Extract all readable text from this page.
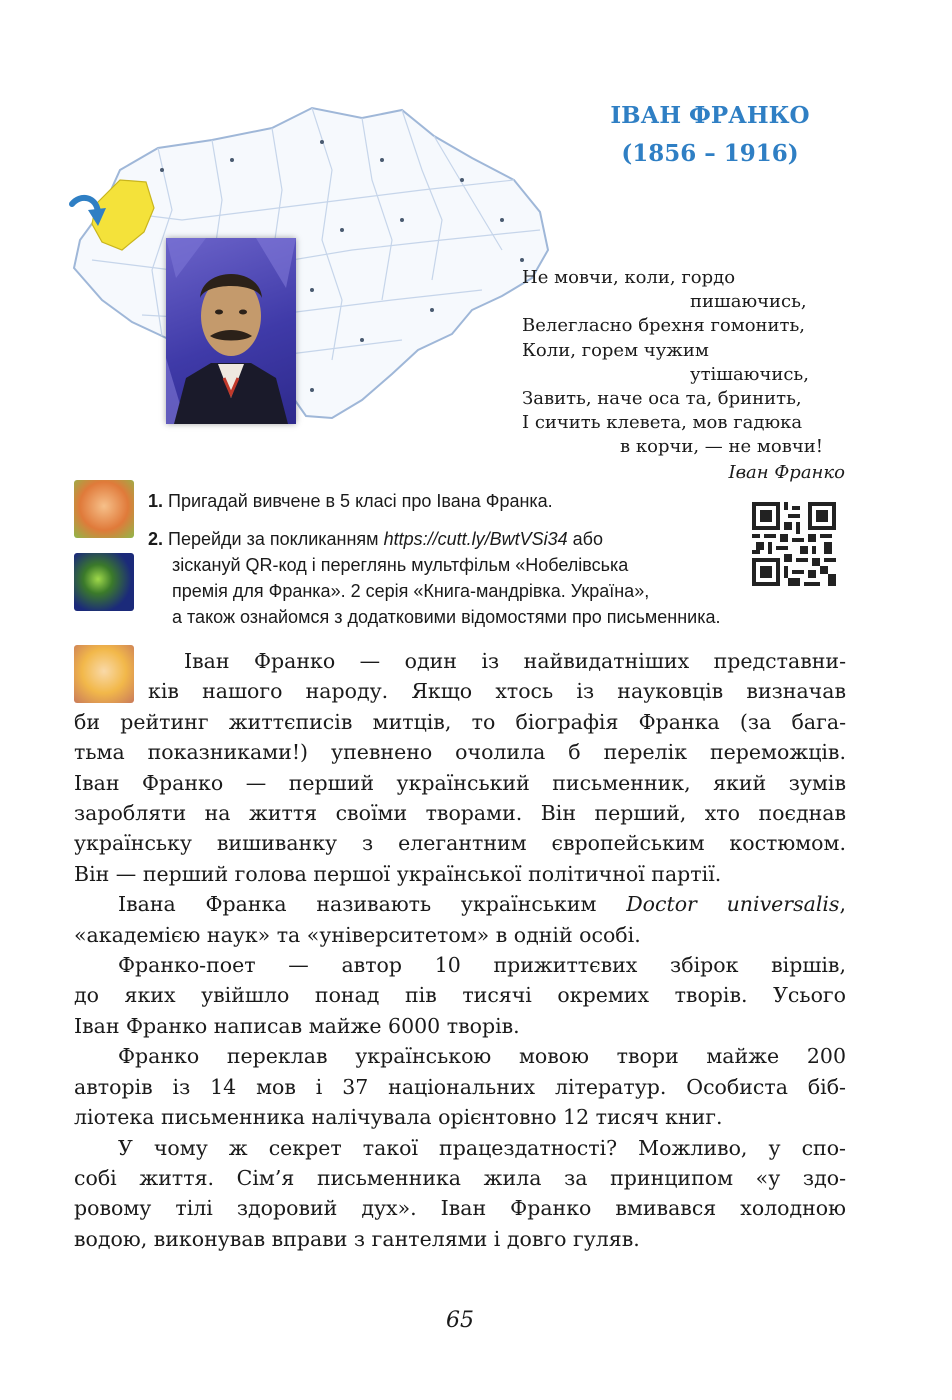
ІВАН ФРАНКО
(1856 – 1916)
Не мовчи, коли, гордо
пишаючись,
Велегласно брехня гомонить,
Коли, горем чужим
утішаючись,
Завить, наче оса та, бринить,
І сичить клевета, мов гадюка
в корчи, — не мовчи!
Іван Франко
1. Пригадай вивчене в 5 класі про Івана Франка.
2. Перейди за покликанням https://cutt.ly/BwtVSi34 або
зіскануй QR-код і переглянь мультфільм «Нобелівська
премія для Франка». 2 серія «Книга-мандрівка. Україна»,
а також ознайомся з додатковими відомостями про письменника.
Іван Франко — один із найвидатніших представни-
ків нашого народу. Якщо хтось із науковців визначав
би рейтинг життєписів митців, то біографія Франка (за бага-
тьма показниками!) упевнено очолила б перелік переможців.
Іван Франко — перший український письменник, який зумів
заробляти на життя своїми творами. Він перший, хто поєднав
українську вишиванку з елегантним європейським костюмом.
Він — перший голова першої української політичної партії.
Івана Франка називають українським Doctor universalis,
«академією наук» та «університетом» в одній особі.
Франко-поет — автор 10 прижиттєвих збірок віршів,
до яких увійшло понад пів тисячі окремих творів. Усього
Іван Франко написав майже 6000 творів.
Франко переклав українською мовою твори майже 200
авторів із 14 мов і 37 національних літератур. Особиста біб-
ліотека письменника налічувала орієнтовно 12 тисяч книг.
У чому ж секрет такої працездатності? Можливо, у спо-
собі життя. Сім’я письменника жила за принципом «у здо-
ровому тілі здоровий дух». Іван Франко вмивався холодною
водою, виконував вправи з гантелями і довго гуляв.
65
